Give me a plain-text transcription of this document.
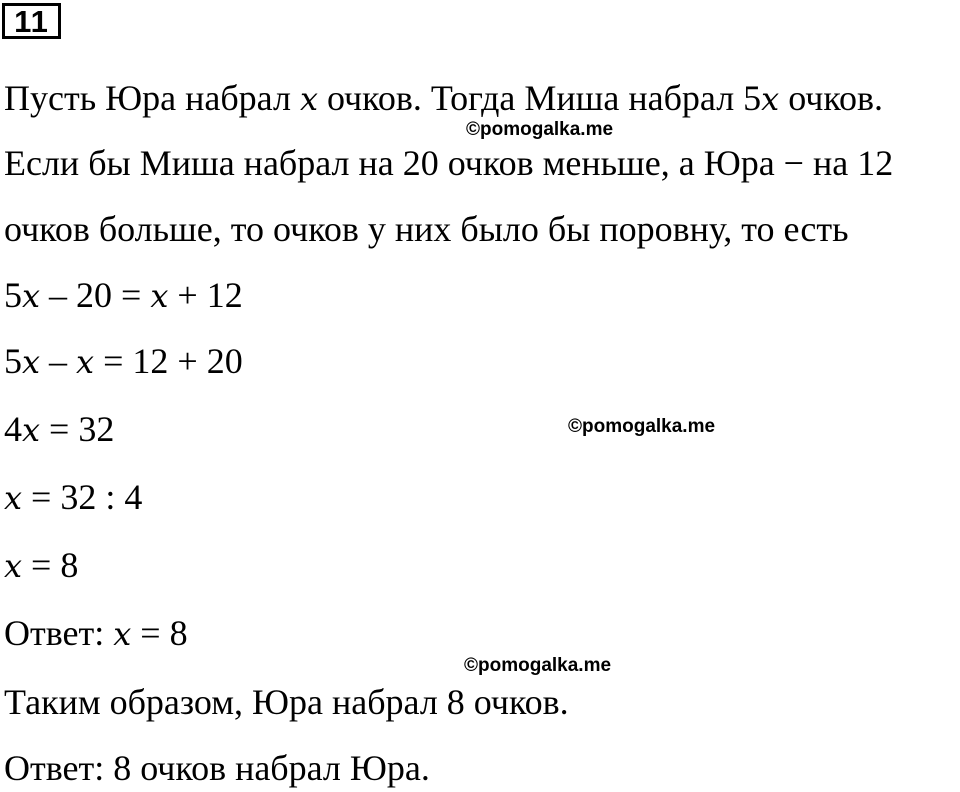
11
Пусть Юра набрал x очков. Тогда Миша набрал 5x очков.
©pomogalka.me
Если бы Миша набрал на 20 очков меньше, а Юра − на 12
очков больше, то очков у них было бы поровну, то есть
5x – 20 = x + 12
5x – x = 12 + 20
4x = 32	©pomogalka.me
x = 32 : 4
x = 8
Ответ: x = 8
©pomogalka.me
Таким образом, Юра набрал 8 очков.
Ответ: 8 очков набрал Юра.
